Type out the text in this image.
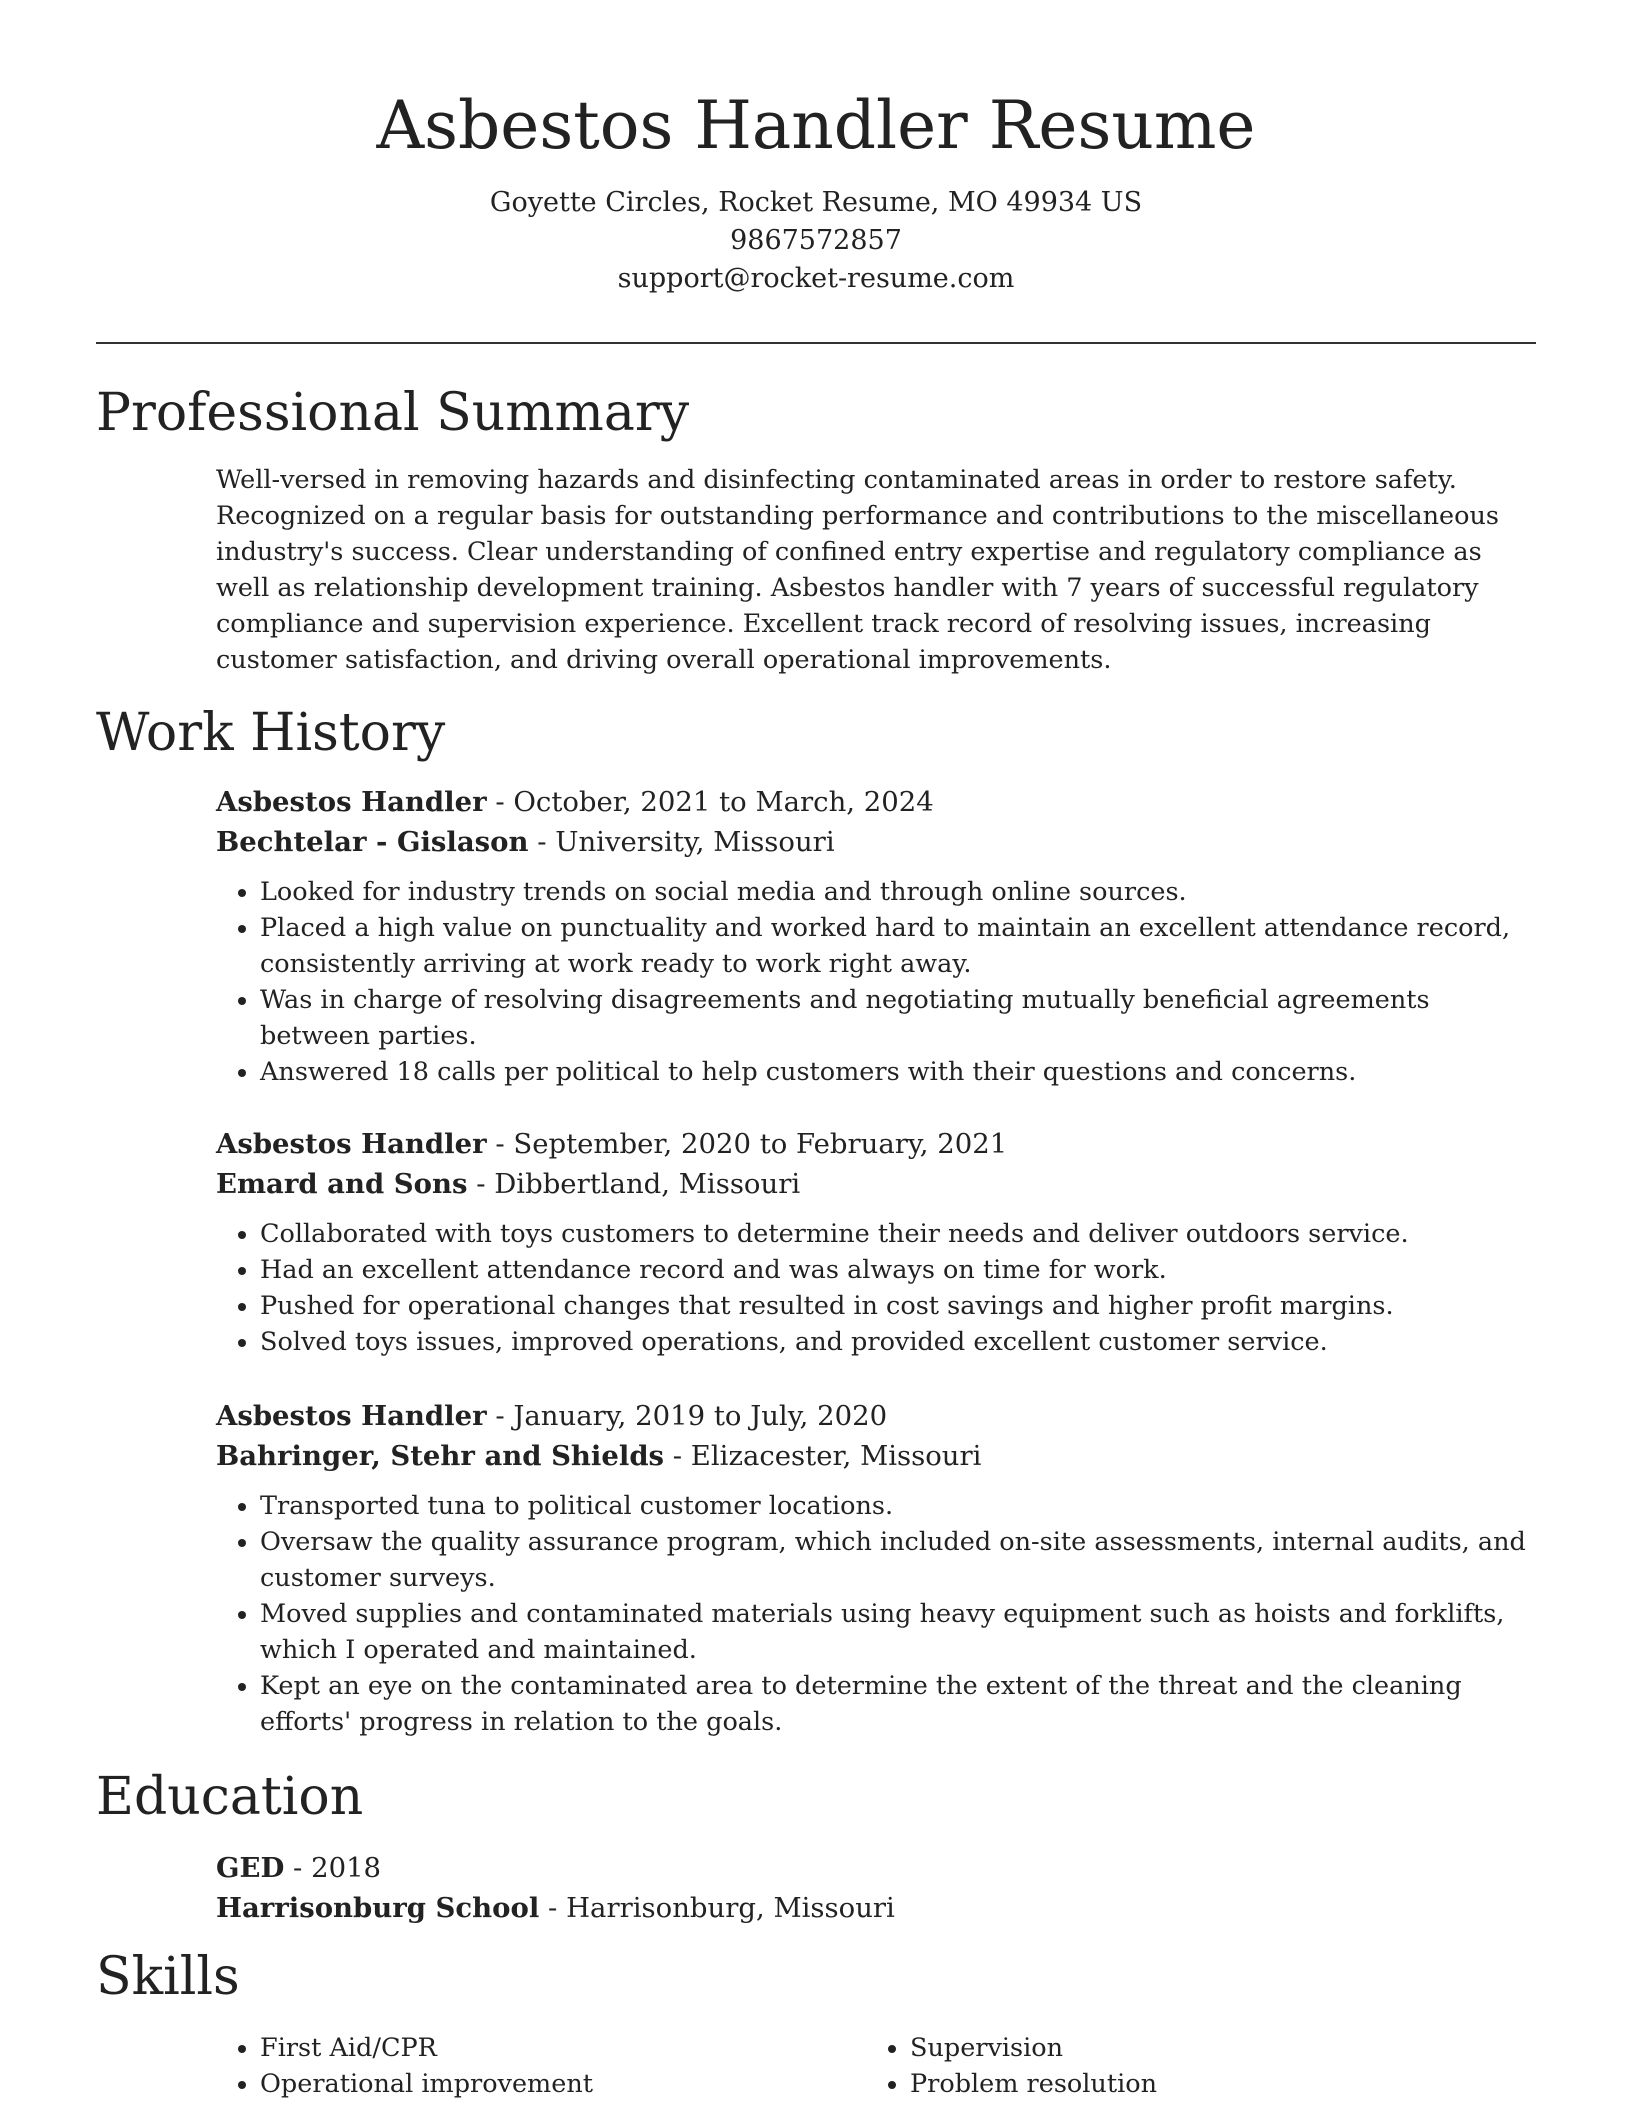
Asbestos Handler Resume

Goyette Circles, Rocket Resume, MO 49934 US

9867572857

support@rocket-resume.com

Professional Summary

Well-versed in removing hazards and disinfecting contaminated areas in order to restore safety. Recognized on a regular basis for outstanding performance and contributions to the miscellaneous industry's success. Clear understanding of confined entry expertise and regulatory compliance as well as relationship development training. Asbestos handler with 7 years of successful regulatory compliance and supervision experience. Excellent track record of resolving issues, increasing customer satisfaction, and driving overall operational improvements.

Work History

Asbestos Handler - October, 2021 to March, 2024

Bechtelar - Gislason - University, Missouri

• Looked for industry trends on social media and through online sources.
• Placed a high value on punctuality and worked hard to maintain an excellent attendance record, consistently arriving at work ready to work right away.
• Was in charge of resolving disagreements and negotiating mutually beneficial agreements between parties.
• Answered 18 calls per political to help customers with their questions and concerns.

Asbestos Handler - September, 2020 to February, 2021

Emard and Sons - Dibbertland, Missouri

• Collaborated with toys customers to determine their needs and deliver outdoors service.
• Had an excellent attendance record and was always on time for work.
• Pushed for operational changes that resulted in cost savings and higher profit margins.
• Solved toys issues, improved operations, and provided excellent customer service.

Asbestos Handler - January, 2019 to July, 2020

Bahringer, Stehr and Shields - Elizacester, Missouri

• Transported tuna to political customer locations.
• Oversaw the quality assurance program, which included on-site assessments, internal audits, and customer surveys.
• Moved supplies and contaminated materials using heavy equipment such as hoists and forklifts, which I operated and maintained.
• Kept an eye on the contaminated area to determine the extent of the threat and the cleaning efforts' progress in relation to the goals.
Education

GED - 2018

Harrisonburg School - Harrisonburg, Missouri

Skills
• First Aid/CPR
• Operational improvement
• Supervision
• Problem resolution
